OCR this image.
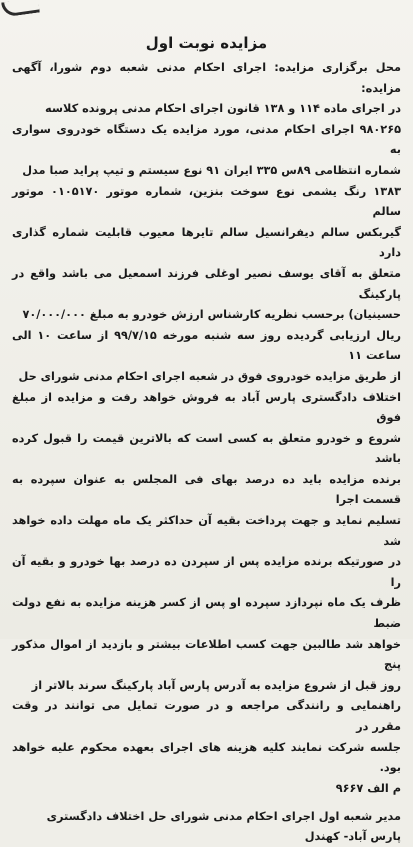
مزایده نوبت اول

محل برگزاری مزایده: اجرای احکام مدنی شعبه دوم شورا، آگهی مزایده:

در اجرای ماده ۱۱۴ و ۱۳۸ قانون اجرای احکام مدنی پرونده کلاسه

۹۸۰۲۶۵ اجرای احکام مدنی، مورد مزایده یک دستگاه خودروی سواری به

شماره انتظامی ۸۹س ۳۳۵ ایران ۹۱ نوع سیستم و تیپ پراید صبا مدل

۱۳۸۳ رنگ یشمی نوع سوخت بنزین، شماره موتور ۰۱۰۵۱۷۰ موتور سالم

گیربکس سالم دیفرانسیل سالم تایرها معیوب قابلیت شماره گذاری دارد

متعلق به آقای یوسف نصیر اوغلی فرزند اسمعیل می باشد واقع در پارکینگ

حسینیان) برحسب نظریه کارشناس ارزش خودرو به مبلغ ۷۰/۰۰۰/۰۰۰

ریال ارزیابی گردیده روز سه شنبه مورخه ۹۹/۷/۱۵ از ساعت ۱۰ الی ساعت ۱۱

از طریق مزایده خودروی فوق در شعبه اجرای احکام مدنی شورای حل

اختلاف دادگستری پارس آباد به فروش خواهد رفت و مزایده از مبلغ فوق

شروع و خودرو متعلق به کسی است که بالاترین قیمت را قبول کرده باشد

برنده مزایده باید ده درصد بهای فی المجلس به عنوان سپرده به قسمت اجرا

تسلیم نماید و جهت پرداخت بقیه آن حداکثر یک ماه مهلت داده خواهد شد

در صورتیکه برنده مزایده پس از سپردن ده درصد بها خودرو و بقیه آن را

ظرف یک ماه نپردازد سپرده او پس از کسر هزینه مزایده به نفع دولت ضبط

خواهد شد طالبین جهت کسب اطلاعات بیشتر و بازدید از اموال مذکور پنج

روز قبل از شروع مزایده به آدرس پارس آباد پارکینگ سرند بالاتر از

راهنمایی و رانندگی مراجعه و در صورت تمایل می توانند در وقت مقرر در

جلسه شرکت نمایند کلیه هزینه های اجرای بعهده محکوم علیه خواهد بود.

م الف ۹۶۶۷

مدیر شعبه اول اجرای احکام مدنی شورای حل اختلاف دادگستری

پارس آباد- کهندل
